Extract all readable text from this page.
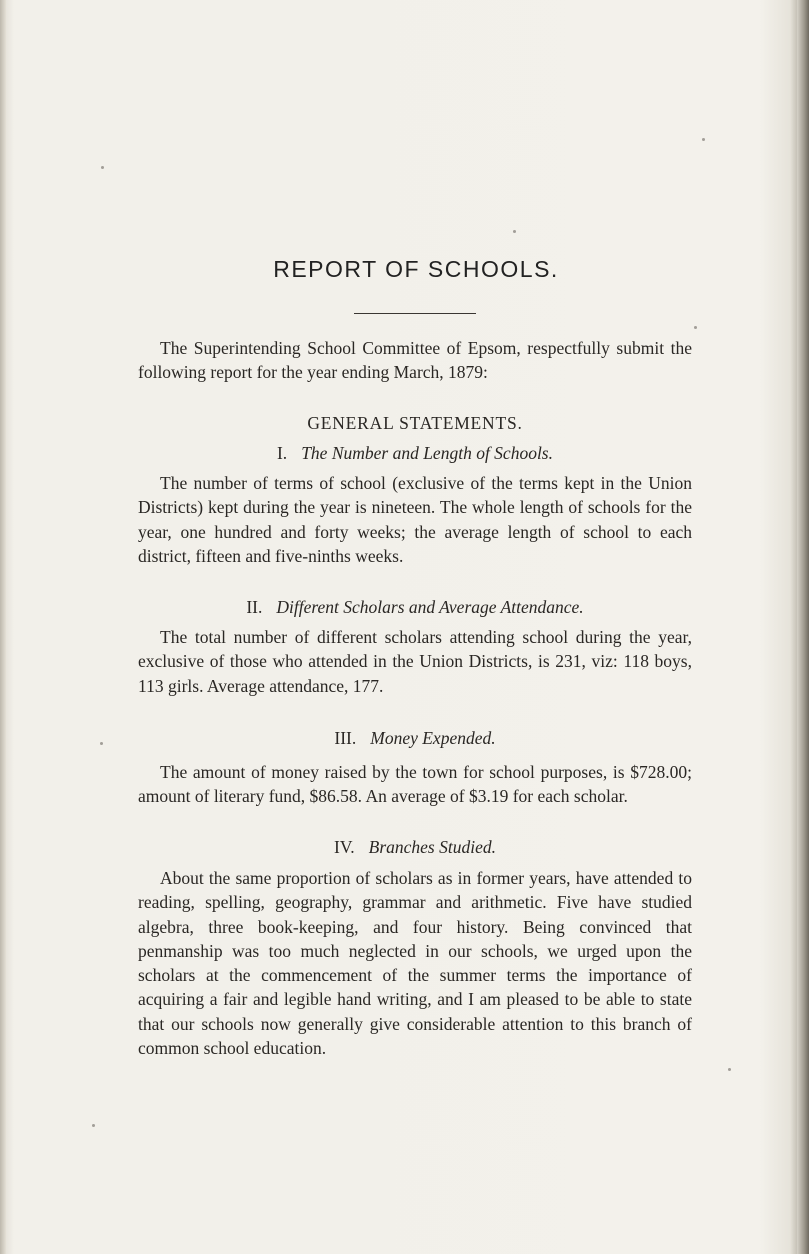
REPORT OF SCHOOLS.

The Superintending School Committee of Epsom, respectfully submit the following report for the year ending March, 1879:

GENERAL STATEMENTS.
I. The Number and Length of Schools.

The number of terms of school (exclusive of the terms kept in the Union Districts) kept during the year is nineteen. The whole length of schools for the year, one hundred and forty weeks; the average length of school to each district, fifteen and five-ninths weeks.

II. Different Scholars and Average Attendance.

The total number of different scholars attending school during the year, exclusive of those who attended in the Union Districts, is 231, viz: 118 boys, 113 girls. Average attendance, 177.

III. Money Expended.

The amount of money raised by the town for school purposes, is $728.00; amount of literary fund, $86.58. An average of $3.19 for each scholar.

IV. Branches Studied.

About the same proportion of scholars as in former years, have attended to reading, spelling, geography, grammar and arithmetic. Five have studied algebra, three book-keeping, and four history. Being convinced that penmanship was too much neglected in our schools, we urged upon the scholars at the commencement of the summer terms the importance of acquiring a fair and legible hand writing, and I am pleased to be able to state that our schools now generally give considerable attention to this branch of common school education.
